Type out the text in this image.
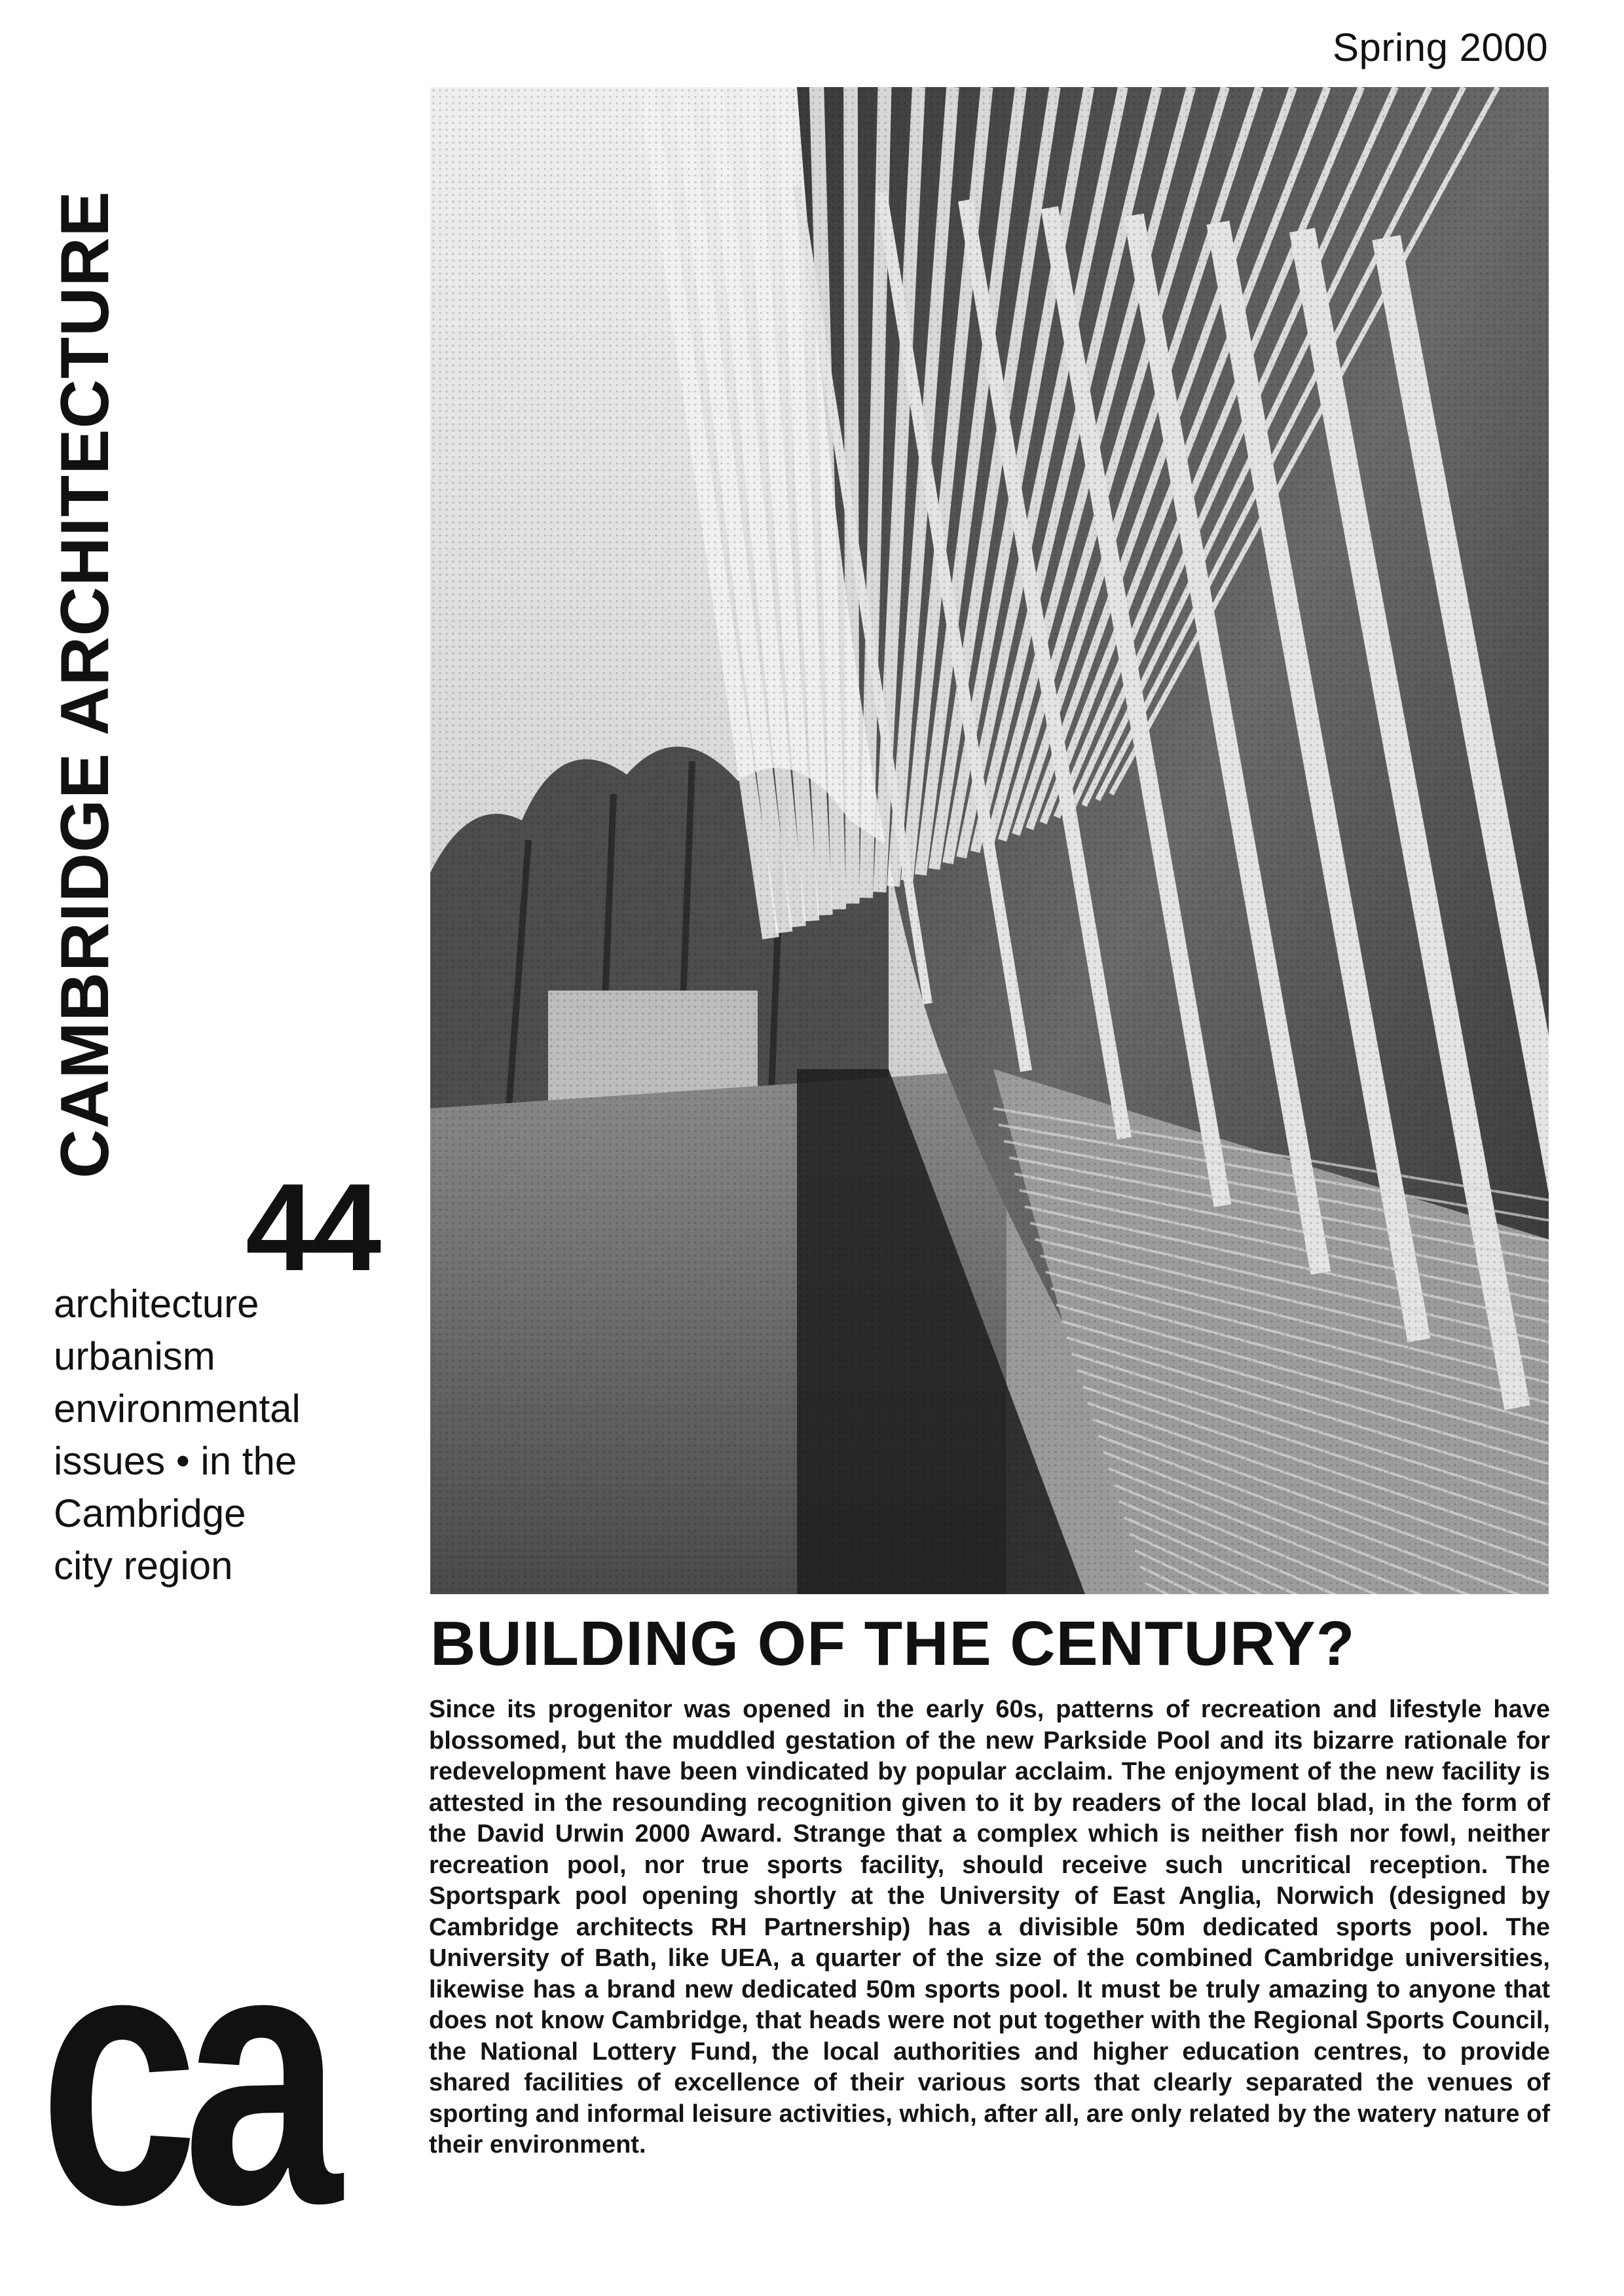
Spring 2000
CAMBRIDGE ARCHITECTURE
44
architecture
urbanism
environmental
issues • in the
Cambridge
city region
ca
BUILDING OF THE CENTURY?
Since its progenitor was opened in the early 60s, patterns of recreation and lifestyle have blossomed, but the muddled gestation of the new Parkside Pool and its bizarre rationale for redevelopment have been vindicated by popular acclaim. The enjoyment of the new facility is attested in the resounding recognition given to it by readers of the local blad, in the form of the David Urwin 2000 Award. Strange that a complex which is neither fish nor fowl, neither recreation pool, nor true sports facility, should receive such uncritical reception. The Sportspark pool opening shortly at the University of East Anglia, Norwich (designed by Cambridge architects RH Partnership) has a divisible 50m dedicated sports pool. The University of Bath, like UEA, a quarter of the size of the combined Cambridge universities, likewise has a brand new dedicated 50m sports pool. It must be truly amazing to anyone that does not know Cambridge, that heads were not put together with the Regional Sports Council, the National Lottery Fund, the local authorities and higher education centres, to provide shared facilities of excellence of their various sorts that clearly separated the venues of sporting and informal leisure activities, which, after all, are only related by the watery nature of their environment.
